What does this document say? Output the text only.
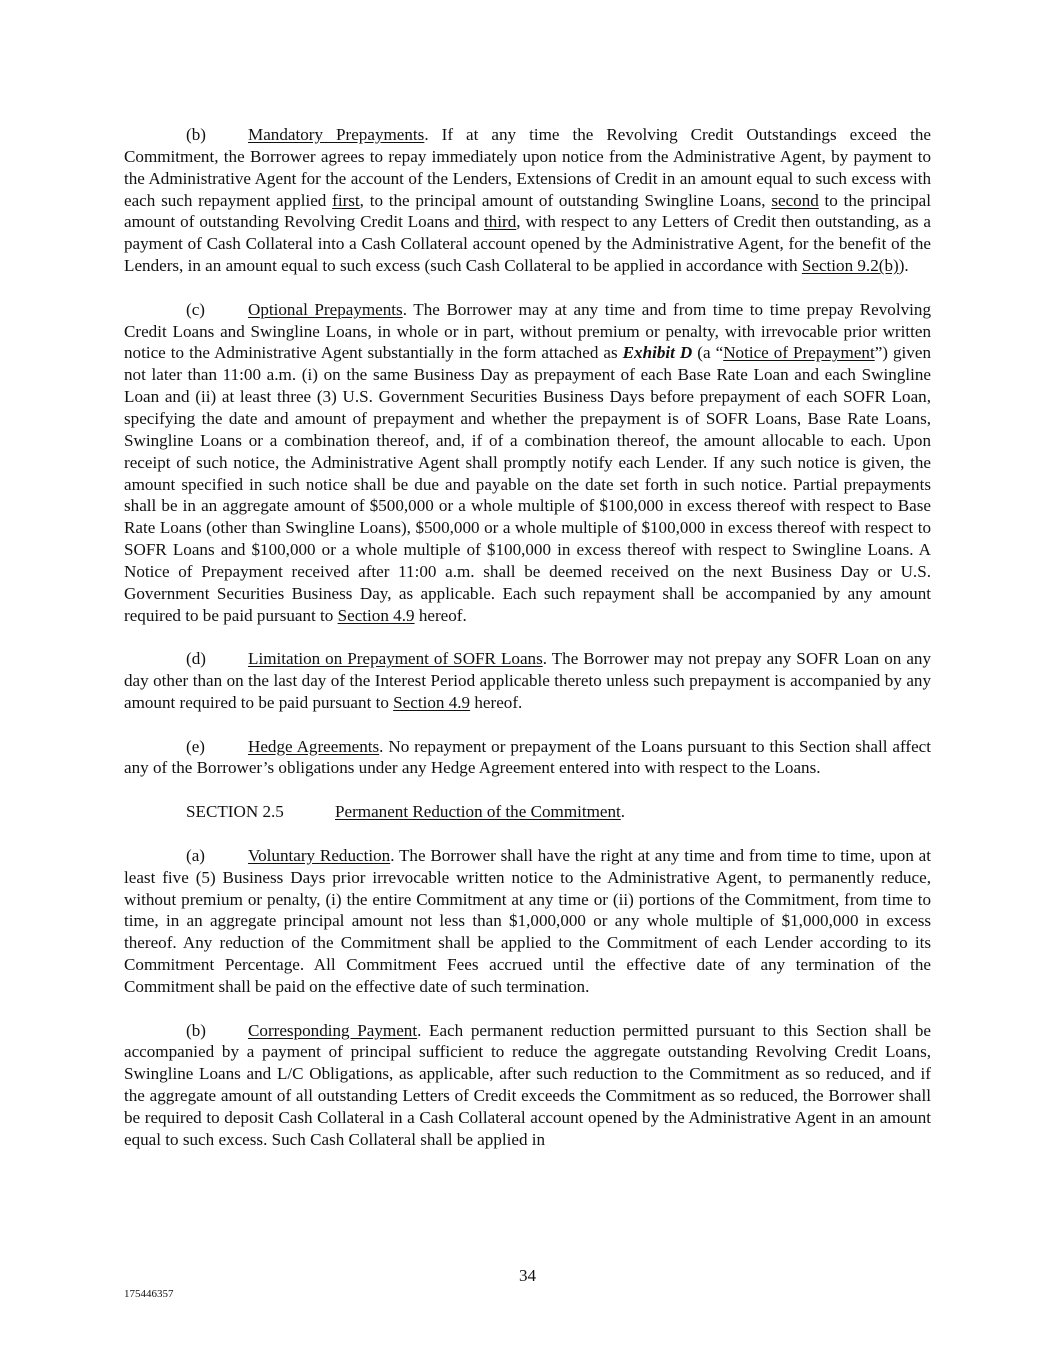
(b) Mandatory Prepayments. If at any time the Revolving Credit Outstandings exceed the Commitment, the Borrower agrees to repay immediately upon notice from the Administrative Agent, by payment to the Administrative Agent for the account of the Lenders, Extensions of Credit in an amount equal to such excess with each such repayment applied first, to the principal amount of outstanding Swingline Loans, second to the principal amount of outstanding Revolving Credit Loans and third, with respect to any Letters of Credit then outstanding, as a payment of Cash Collateral into a Cash Collateral account opened by the Administrative Agent, for the benefit of the Lenders, in an amount equal to such excess (such Cash Collateral to be applied in accordance with Section 9.2(b)).

(c)	Optional Prepayments. The Borrower may at any time and from time to time prepay Revolving Credit Loans and Swingline Loans, in whole or in part, without premium or penalty, with irrevocable prior written notice to the Administrative Agent substantially in the form attached as Exhibit D (a “Notice of Prepayment”) given not later than 11:00 a.m. (i) on the same Business Day as prepayment of each Base Rate Loan and each Swingline Loan and (ii) at least three (3) U.S. Government Securities Business Days before prepayment of each SOFR Loan, specifying the date and amount of prepayment and whether the prepayment is of SOFR Loans, Base Rate Loans, Swingline Loans or a combination thereof, and, if of a combination thereof, the amount allocable to each. Upon receipt of such notice, the Administrative Agent shall promptly notify each Lender. If any such notice is given, the amount specified in such notice shall be due and payable on the date set forth in such notice. Partial prepayments shall be in an aggregate amount of $500,000 or a whole multiple of $100,000 in excess thereof with respect to Base Rate Loans (other than Swingline Loans), $500,000 or a whole multiple of $100,000 in excess thereof with respect to SOFR Loans and $100,000 or a whole multiple of $100,000 in excess thereof with respect to Swingline Loans. A Notice of Prepayment received after 11:00 a.m. shall be deemed received on the next Business Day or U.S. Government Securities Business Day, as applicable. Each such repayment shall be accompanied by any amount required to be paid pursuant to Section 4.9 hereof.

(d) Limitation on Prepayment of SOFR Loans. The Borrower may not prepay any SOFR Loan on any day other than on the last day of the Interest Period applicable thereto unless such prepayment is accompanied by any amount required to be paid pursuant to Section 4.9 hereof.

(e)	Hedge Agreements. No repayment or prepayment of the Loans pursuant to this Section shall affect any of the Borrower’s obligations under any Hedge Agreement entered into with respect to the Loans.

SECTION 2.5	Permanent Reduction of the Commitment.

(a)	Voluntary Reduction. The Borrower shall have the right at any time and from time to time, upon at least five (5) Business Days prior irrevocable written notice to the Administrative Agent, to permanently reduce, without premium or penalty, (i) the entire Commitment at any time or (ii) portions of the Commitment, from time to time, in an aggregate principal amount not less than $1,000,000 or any whole multiple of $1,000,000 in excess thereof. Any reduction of the Commitment shall be applied to the Commitment of each Lender according to its Commitment Percentage. All Commitment Fees accrued until the effective date of any termination of the Commitment shall be paid on the effective date of such termination.

(b) Corresponding Payment. Each permanent reduction permitted pursuant to this Section shall be accompanied by a payment of principal sufficient to reduce the aggregate outstanding Revolving Credit Loans, Swingline Loans and L/C Obligations, as applicable, after such reduction to the Commitment as so reduced, and if the aggregate amount of all outstanding Letters of Credit exceeds the Commitment as so reduced, the Borrower shall be required to deposit Cash Collateral in a Cash Collateral account opened by the Administrative Agent in an amount equal to such excess. Such Cash Collateral shall be applied in

34
175446357
